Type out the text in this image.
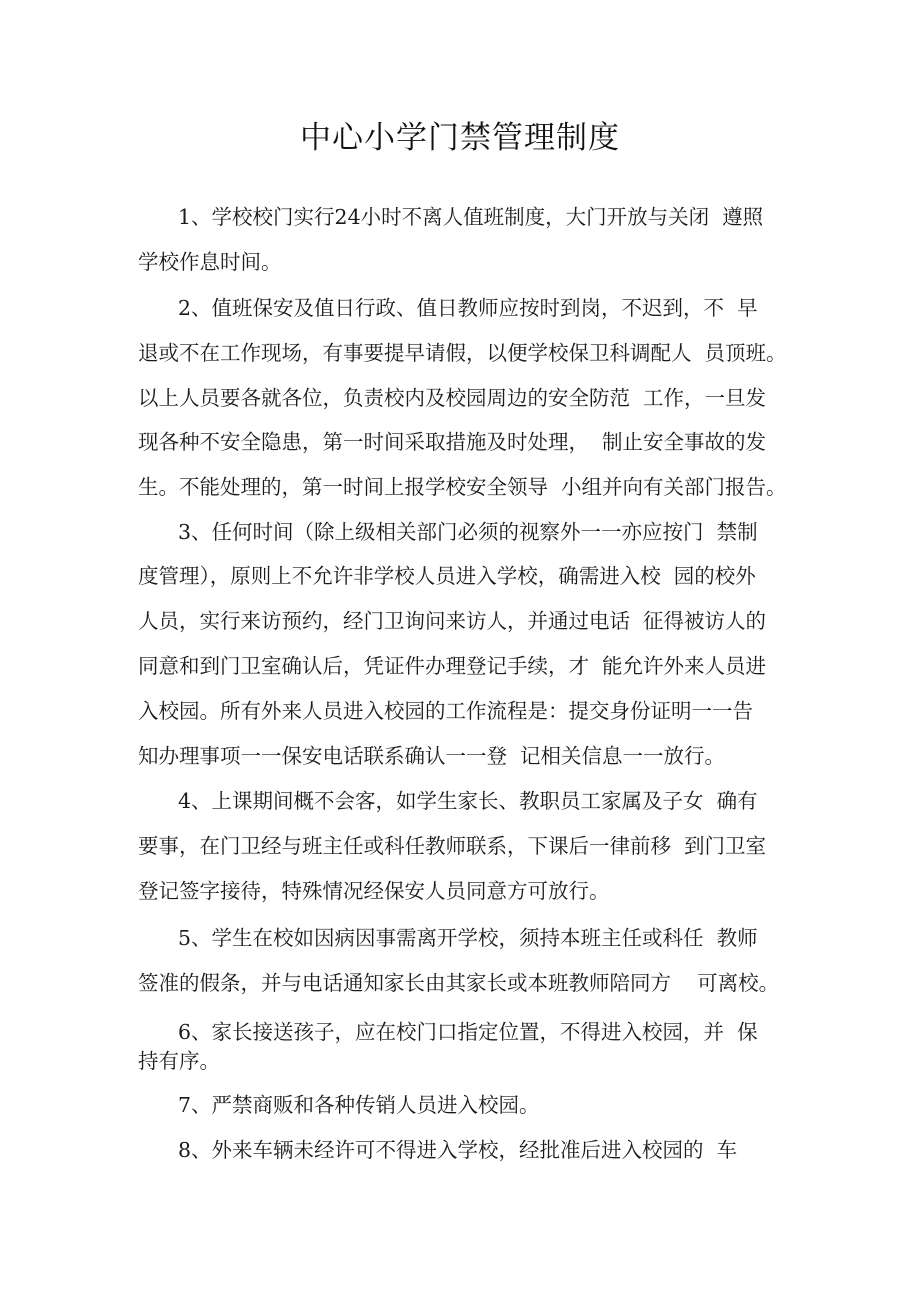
中心小学门禁管理制度
1、学校校门实行24小时不离人值班制度，大门开放与关闭  遵照
学校作息时间。
2、值班保安及值日行政、值日教师应按时到岗，不迟到，不  早
退或不在工作现场，有事要提早请假，以便学校保卫科调配人  员顶班。
以上人员要各就各位，负责校内及校园周边的安全防范  工作，一旦发
现各种不安全隐患，第一时间采取措施及时处理，  制止安全事故的发
生。不能处理的，第一时间上报学校安全领导  小组并向有关部门报告。
3、任何时间（除上级相关部门必须的视察外一一亦应按门  禁制
度管理），原则上不允许非学校人员进入学校，确需进入校  园的校外
人员，实行来访预约，经门卫询问来访人，并通过电话  征得被访人的
同意和到门卫室确认后，凭证件办理登记手续，才  能允许外来人员进
入校园。所有外来人员进入校园的工作流程是：提交身份证明一一告
知办理事项一一保安电话联系确认一一登  记相关信息一一放行。
4、上课期间概不会客，如学生家长、教职员工家属及子女  确有
要事，在门卫经与班主任或科任教师联系，下课后一律前移  到门卫室
登记签字接待，特殊情况经保安人员同意方可放行。
5、学生在校如因病因事需离开学校，须持本班主任或科任  教师
签准的假条，并与电话通知家长由其家长或本班教师陪同方    可离校。
6、家长接送孩子，应在校门口指定位置，不得进入校园，并  保
持有序。
7、严禁商贩和各种传销人员进入校园。
8、外来车辆未经许可不得进入学校，经批准后进入校园的  车
